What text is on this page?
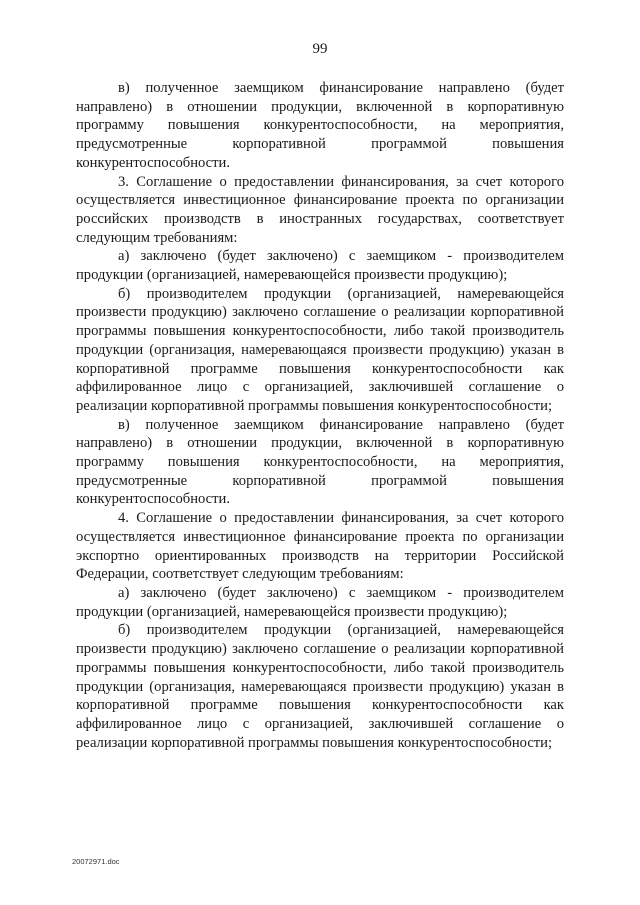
99

в) полученное заемщиком финансирование направлено (будет направлено) в отношении продукции, включенной в корпоративную программу повышения конкурентоспособности, на мероприятия, предусмотренные корпоративной программой повышения конкурентоспособности.

3. Соглашение о предоставлении финансирования, за счет которого осуществляется инвестиционное финансирование проекта по организации российских производств в иностранных государствах, соответствует следующим требованиям:

а) заключено (будет заключено) с заемщиком - производителем продукции (организацией, намеревающейся произвести продукцию);

б) производителем продукции (организацией, намеревающейся произвести продукцию) заключено соглашение о реализации корпоративной программы повышения конкурентоспособности, либо такой производитель продукции (организация, намеревающаяся произвести продукцию) указан в корпоративной программе повышения конкурентоспособности как аффилированное лицо с организацией, заключившей соглашение о реализации корпоративной программы повышения конкурентоспособности;

в) полученное заемщиком финансирование направлено (будет направлено) в отношении продукции, включенной в корпоративную программу повышения конкурентоспособности, на мероприятия, предусмотренные корпоративной программой повышения конкурентоспособности.

4. Соглашение о предоставлении финансирования, за счет которого осуществляется инвестиционное финансирование проекта по организации экспортно ориентированных производств на территории Российской Федерации, соответствует следующим требованиям:

а) заключено (будет заключено) с заемщиком - производителем продукции (организацией, намеревающейся произвести продукцию);

б) производителем продукции (организацией, намеревающейся произвести продукцию) заключено соглашение о реализации корпоративной программы повышения конкурентоспособности, либо такой производитель продукции (организация, намеревающаяся произвести продукцию) указан в корпоративной программе повышения конкурентоспособности как аффилированное лицо с организацией, заключившей соглашение о реализации корпоративной программы повышения конкурентоспособности;

20072971.doc
